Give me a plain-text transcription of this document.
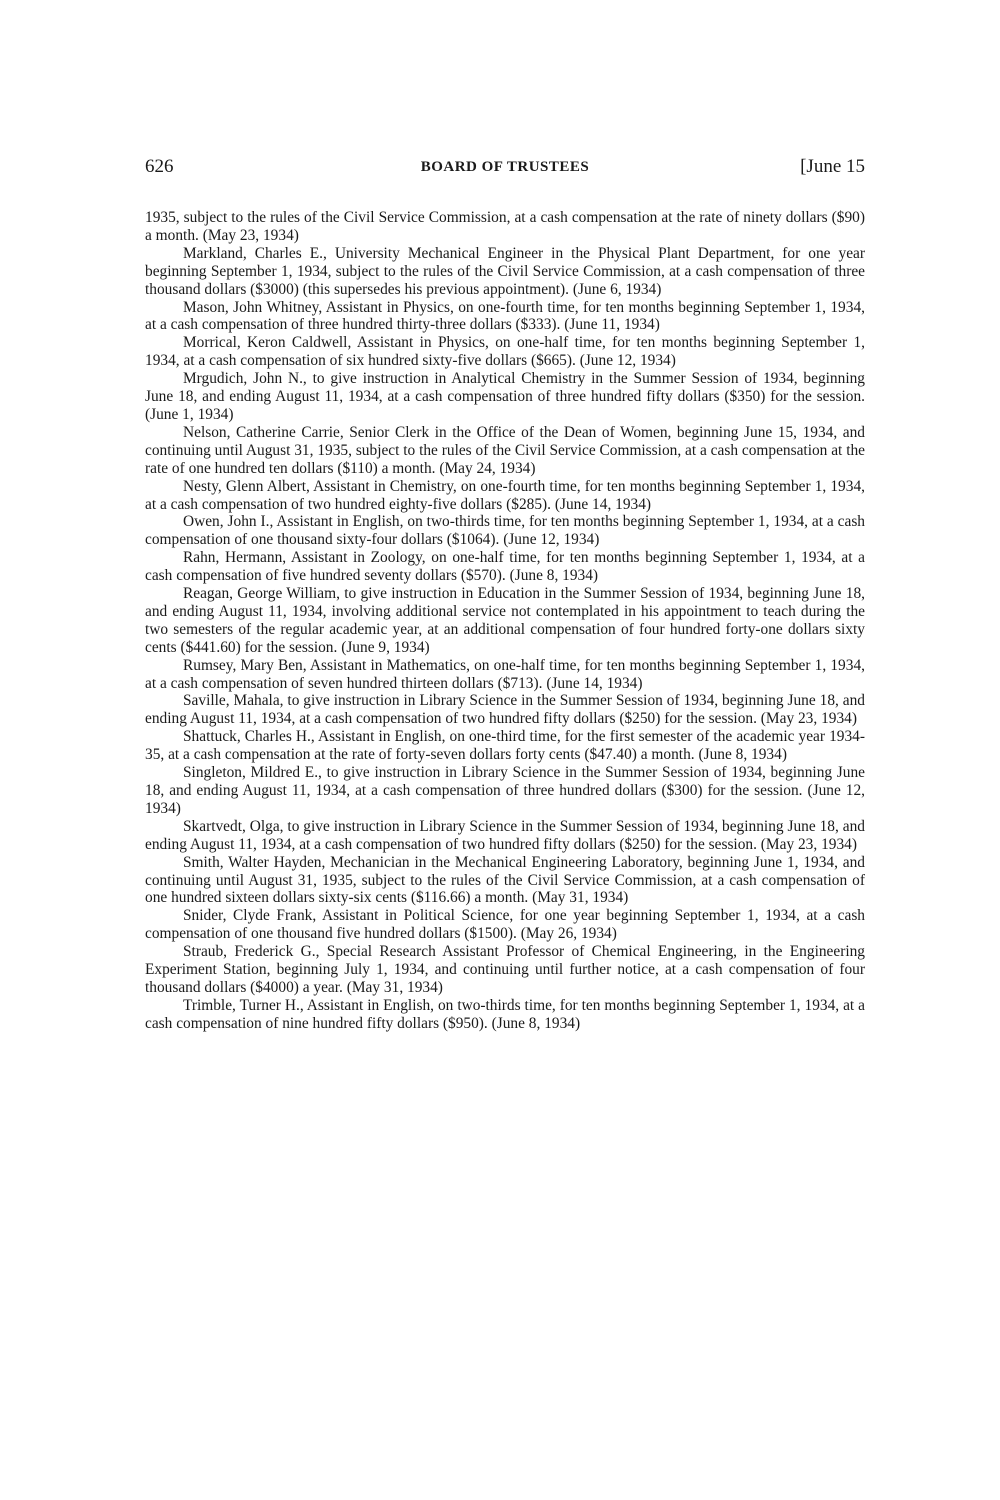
626	BOARD OF TRUSTEES	[June 15

1935, subject to the rules of the Civil Service Commission, at a cash compensation at the rate of ninety dollars ($90) a month. (May 23, 1934)

Markland, Charles E., University Mechanical Engineer in the Physical Plant Department, for one year beginning September 1, 1934, subject to the rules of the Civil Service Commission, at a cash compensation of three thousand dollars ($3000) (this supersedes his previous appointment). (June 6, 1934)

Mason, John Whitney, Assistant in Physics, on one-fourth time, for ten months beginning September 1, 1934, at a cash compensation of three hundred thirty-three dollars ($333). (June 11, 1934)

Morrical, Keron Caldwell, Assistant in Physics, on one-half time, for ten months beginning September 1, 1934, at a cash compensation of six hundred sixty-five dollars ($665). (June 12, 1934)

Mrgudich, John N., to give instruction in Analytical Chemistry in the Summer Session of 1934, beginning June 18, and ending August 11, 1934, at a cash compensation of three hundred fifty dollars ($350) for the session. (June 1, 1934)

Nelson, Catherine Carrie, Senior Clerk in the Office of the Dean of Women, beginning June 15, 1934, and continuing until August 31, 1935, subject to the rules of the Civil Service Commission, at a cash compensation at the rate of one hundred ten dollars ($110) a month. (May 24, 1934)

Nesty, Glenn Albert, Assistant in Chemistry, on one-fourth time, for ten months beginning September 1, 1934, at a cash compensation of two hundred eighty-five dollars ($285). (June 14, 1934)

Owen, John I., Assistant in English, on two-thirds time, for ten months beginning September 1, 1934, at a cash compensation of one thousand sixty-four dollars ($1064). (June 12, 1934)

Rahn, Hermann, Assistant in Zoology, on one-half time, for ten months beginning September 1, 1934, at a cash compensation of five hundred seventy dollars ($570). (June 8, 1934)

Reagan, George William, to give instruction in Education in the Summer Session of 1934, beginning June 18, and ending August 11, 1934, involving additional service not contemplated in his appointment to teach during the two semesters of the regular academic year, at an additional compensation of four hundred forty-one dollars sixty cents ($441.60) for the session. (June 9, 1934)

Rumsey, Mary Ben, Assistant in Mathematics, on one-half time, for ten months beginning September 1, 1934, at a cash compensation of seven hundred thirteen dollars ($713). (June 14, 1934)

Saville, Mahala, to give instruction in Library Science in the Summer Session of 1934, beginning June 18, and ending August 11, 1934, at a cash compensation of two hundred fifty dollars ($250) for the session. (May 23, 1934)

Shattuck, Charles H., Assistant in English, on one-third time, for the first semester of the academic year 1934-35, at a cash compensation at the rate of forty-seven dollars forty cents ($47.40) a month. (June 8, 1934)

Singleton, Mildred E., to give instruction in Library Science in the Summer Session of 1934, beginning June 18, and ending August 11, 1934, at a cash compensation of three hundred dollars ($300) for the session. (June 12, 1934)

Skartvedt, Olga, to give instruction in Library Science in the Summer Session of 1934, beginning June 18, and ending August 11, 1934, at a cash compensation of two hundred fifty dollars ($250) for the session. (May 23, 1934)

Smith, Walter Hayden, Mechanician in the Mechanical Engineering Laboratory, beginning June 1, 1934, and continuing until August 31, 1935, subject to the rules of the Civil Service Commission, at a cash compensation of one hundred sixteen dollars sixty-six cents ($116.66) a month. (May 31, 1934)

Snider, Clyde Frank, Assistant in Political Science, for one year beginning September 1, 1934, at a cash compensation of one thousand five hundred dollars ($1500). (May 26, 1934)

Straub, Frederick G., Special Research Assistant Professor of Chemical Engineering, in the Engineering Experiment Station, beginning July 1, 1934, and continuing until further notice, at a cash compensation of four thousand dollars ($4000) a year. (May 31, 1934)

Trimble, Turner H., Assistant in English, on two-thirds time, for ten months beginning September 1, 1934, at a cash compensation of nine hundred fifty dollars ($950). (June 8, 1934)
